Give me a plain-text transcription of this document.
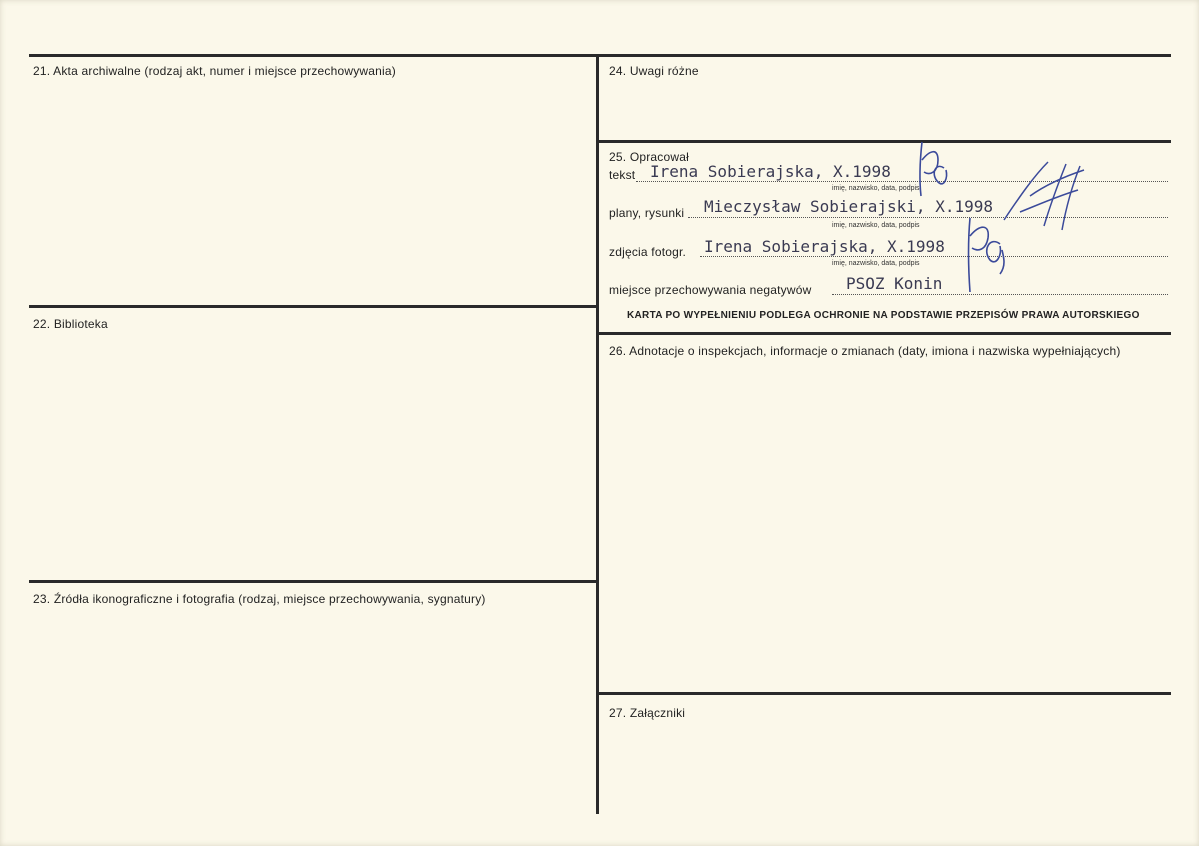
21. Akta archiwalne (rodzaj akt, numer i miejsce przechowywania)
22. Biblioteka
23. Źródła ikonograficzne i fotografia (rodzaj, miejsce przechowywania, sygnatury)
24. Uwagi różne
26. Adnotacje o inspekcjach, informacje o zmianach (daty, imiona i nazwiska wypełniających)
27. Załączniki
25. Opracował
tekst Irena Sobierajska, X.1998
imię, nazwisko, data, podpis
plany, rysunki Mieczysław Sobierajski, X.1998
imię, nazwisko, data, podpis
zdjęcia fotogr. Irena Sobierajska, X.1998
imię, nazwisko, data, podpis
miejsce przechowywania negatywów PSOZ Konin
KARTA PO WYPEŁNIENIU PODLEGA OCHRONIE NA PODSTAWIE PRZEPISÓW PRAWA AUTORSKIEGO
